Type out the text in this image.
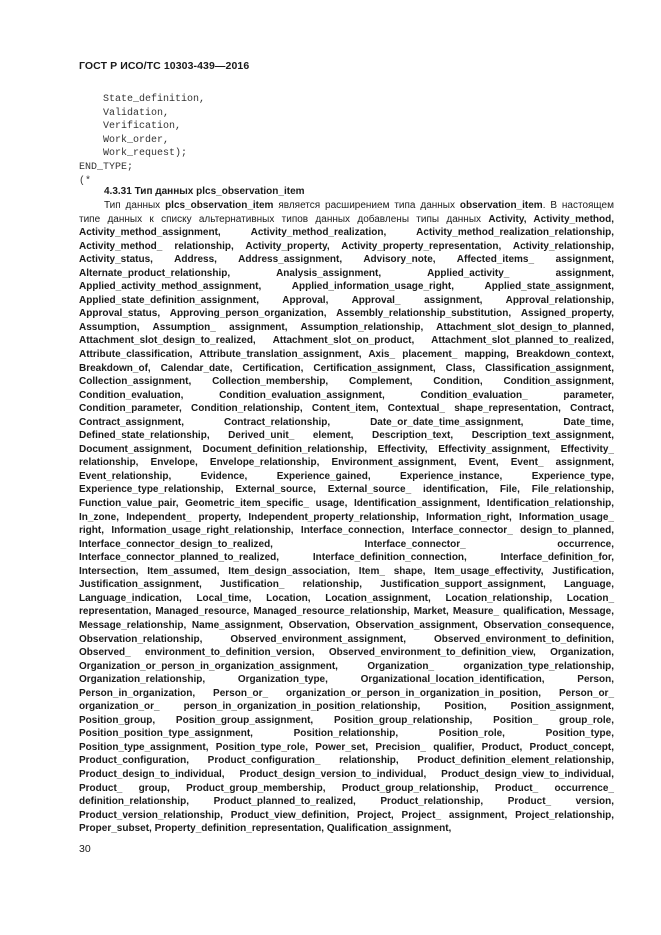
ГОСТ Р ИСО/ТС 10303-439—2016
State_definition,
Validation,
Verification,
Work_order,
Work_request);
END_TYPE;
(*
4.3.31 Тип данных plcs_observation_item

Тип данных plcs_observation_item является расширением типа данных observation_item. В настоящем типе данных к списку альтернативных типов данных добавлены типы данных Activity, Activity_method, Activity_method_assignment, Activity_method_realization, Activity_method_realization_relationship, Activity_method_ relationship, Activity_property, Activity_property_representation, Activity_relationship, Activity_status, Address, Address_assignment, Advisory_note, Affected_items_ assignment, Alternate_product_relationship, Analysis_assignment, Applied_activity_ assignment, Applied_activity_method_assignment, Applied_information_usage_right, Applied_state_assignment, Applied_state_definition_assignment, Approval, Approval_ assignment, Approval_relationship, Approval_status, Approving_person_organization, Assembly_relationship_substitution, Assigned_property, Assumption, Assumption_ assignment, Assumption_relationship, Attachment_slot_design_to_planned, Attachment_slot_design_to_realized, Attachment_slot_on_product, Attachment_slot_planned_to_realized, Attribute_classification, Attribute_translation_assignment, Axis_ placement_ mapping, Breakdown_context, Breakdown_of, Calendar_date, Certification, Certification_assignment, Class, Classification_assignment, Collection_assignment, Collection_membership, Complement, Condition, Condition_assignment, Condition_evaluation, Condition_evaluation_assignment, Condition_evaluation_ parameter, Condition_parameter, Condition_relationship, Content_item, Contextual_ shape_representation, Contract, Contract_assignment, Contract_relationship, Date_or_date_time_assignment, Date_time, Defined_state_relationship, Derived_unit_ element, Description_text, Description_text_assignment, Document_assignment, Document_definition_relationship, Effectivity, Effectivity_assignment, Effectivity_ relationship, Envelope, Envelope_relationship, Environment_assignment, Event, Event_ assignment, Event_relationship, Evidence, Experience_gained, Experience_instance, Experience_type, Experience_type_relationship, External_source, External_source_ identification, File, File_relationship, Function_value_pair, Geometric_item_specific_ usage, Identification_assignment, Identification_relationship, In_zone, Independent_ property, Independent_property_relationship, Information_right, Information_usage_ right, Information_usage_right_relationship, Interface_connection, Interface_connector_ design_to_planned, Interface_connector_design_to_realized, Interface_connector_ occurrence, Interface_connector_planned_to_realized, Interface_definition_connection, Interface_definition_for, Intersection, Item_assumed, Item_design_association, Item_ shape, Item_usage_effectivity, Justification, Justification_assignment, Justification_ relationship, Justification_support_assignment, Language, Language_indication, Local_time, Location, Location_assignment, Location_relationship, Location_ representation, Managed_resource, Managed_resource_relationship, Market, Measure_ qualification, Message, Message_relationship, Name_assignment, Observation, Observation_assignment, Observation_consequence, Observation_relationship, Observed_environment_assignment, Observed_environment_to_definition, Observed_ environment_to_definition_version, Observed_environment_to_definition_view, Organization, Organization_or_person_in_organization_assignment, Organization_ organization_type_relationship, Organization_relationship, Organization_type, Organizational_location_identification, Person, Person_in_organization, Person_or_ organization_or_person_in_organization_in_position, Person_or_ organization_or_ person_in_organization_in_position_relationship, Position, Position_assignment, Position_group, Position_group_assignment, Position_group_relationship, Position_ group_role, Position_position_type_assignment, Position_relationship, Position_role, Position_type, Position_type_assignment, Position_type_role, Power_set, Precision_ qualifier, Product, Product_concept, Product_configuration, Product_configuration_ relationship, Product_definition_element_relationship, Product_design_to_individual, Product_design_version_to_individual, Product_design_view_to_individual, Product_ group, Product_group_membership, Product_group_relationship, Product_ occurrence_ definition_relationship, Product_planned_to_realized, Product_relationship, Product_ version, Product_version_relationship, Product_view_definition, Project, Project_ assignment, Project_relationship, Proper_subset, Property_definition_representation, Qualification_assignment,

30
